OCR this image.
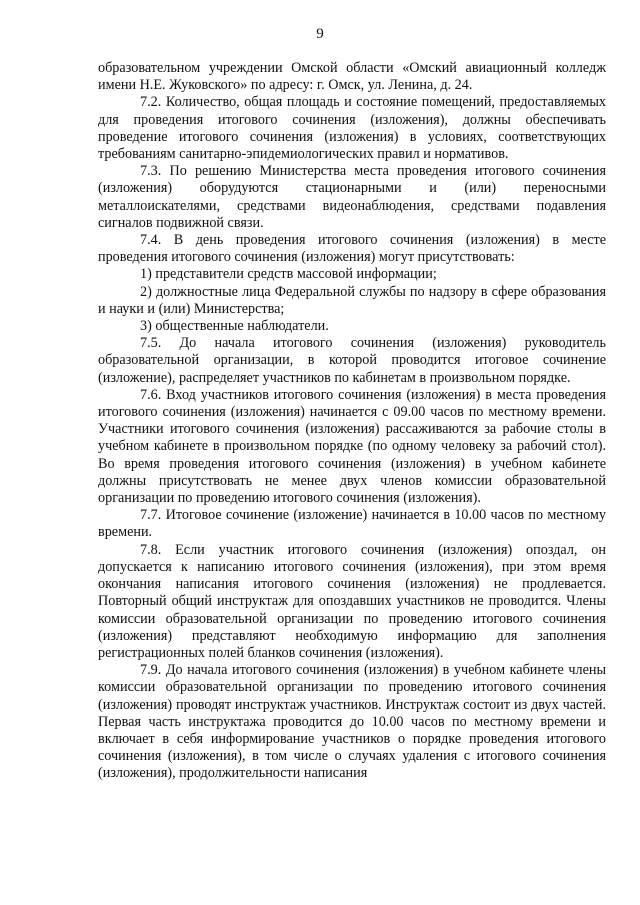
9

образовательном учреждении Омской области «Омский авиационный колледж имени Н.Е. Жуковского» по адресу: г. Омск, ул. Ленина, д. 24.

7.2. Количество, общая площадь и состояние помещений, предоставляемых для проведения итогового сочинения (изложения), должны обеспечивать проведение итогового сочинения (изложения) в условиях, соответствующих требованиям санитарно-эпидемиологических правил и нормативов.

7.3. По решению Министерства места проведения итогового сочинения (изложения) оборудуются стационарными и (или) переносными металлоискателями, средствами видеонаблюдения, средствами подавления сигналов подвижной связи.

7.4. В день проведения итогового сочинения (изложения) в месте проведения итогового сочинения (изложения) могут присутствовать:

1) представители средств массовой информации;

2) должностные лица Федеральной службы по надзору в сфере образования и науки и (или) Министерства;

3) общественные наблюдатели.

7.5. До начала итогового сочинения (изложения) руководитель образовательной организации, в которой проводится итоговое сочинение (изложение), распределяет участников по кабинетам в произвольном порядке.

7.6. Вход участников итогового сочинения (изложения) в места проведения итогового сочинения (изложения) начинается с 09.00 часов по местному времени. Участники итогового сочинения (изложения) рассаживаются за рабочие столы в учебном кабинете в произвольном порядке (по одному человеку за рабочий стол). Во время проведения итогового сочинения (изложения) в учебном кабинете должны присутствовать не менее двух членов комиссии образовательной организации по проведению итогового сочинения (изложения).

7.7. Итоговое сочинение (изложение) начинается в 10.00 часов по местному времени.

7.8. Если участник итогового сочинения (изложения) опоздал, он допускается к написанию итогового сочинения (изложения), при этом время окончания написания итогового сочинения (изложения) не продлевается. Повторный общий инструктаж для опоздавших участников не проводится. Члены комиссии образовательной организации по проведению итогового сочинения (изложения) представляют необходимую информацию для заполнения регистрационных полей бланков сочинения (изложения).

7.9. До начала итогового сочинения (изложения) в учебном кабинете члены комиссии образовательной организации по проведению итогового сочинения (изложения) проводят инструктаж участников. Инструктаж состоит из двух частей. Первая часть инструктажа проводится до 10.00 часов по местному времени и включает в себя информирование участников о порядке проведения итогового сочинения (изложения), в том числе о случаях удаления с итогового сочинения (изложения), продолжительности написания
